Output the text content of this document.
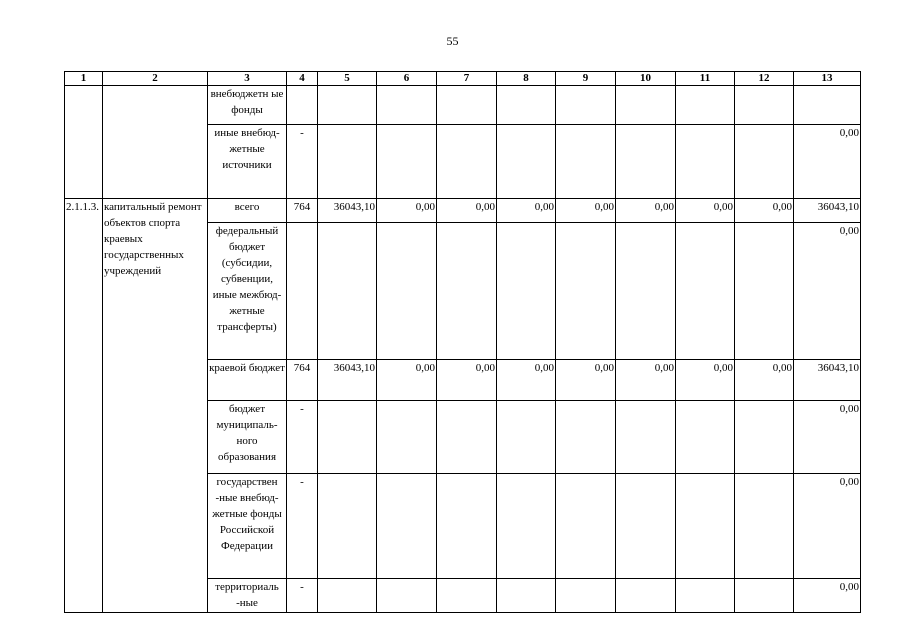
55
1	2	3	4	5	6	7	8	9	10	11	12	13
		внебюджетн ые фонды										
		иные внебюд- жетные источники	-									0,00
2.1.1.3.	капитальный ремонт объектов спорта краевых государственных учреждений	всего	764	36043,10	0,00	0,00	0,00	0,00	0,00	0,00	0,00	36043,10
		федеральный бюджет (субсидии, субвенции, иные межбюд- жетные трансферты)										0,00
		краевой бюджет	764	36043,10	0,00	0,00	0,00	0,00	0,00	0,00	0,00	36043,10
		бюджет муниципаль- ного образования	-									0,00
		государствен -ные внебюд- жетные фонды Российской Федерации	-									0,00
		территориаль -ные	-									0,00
